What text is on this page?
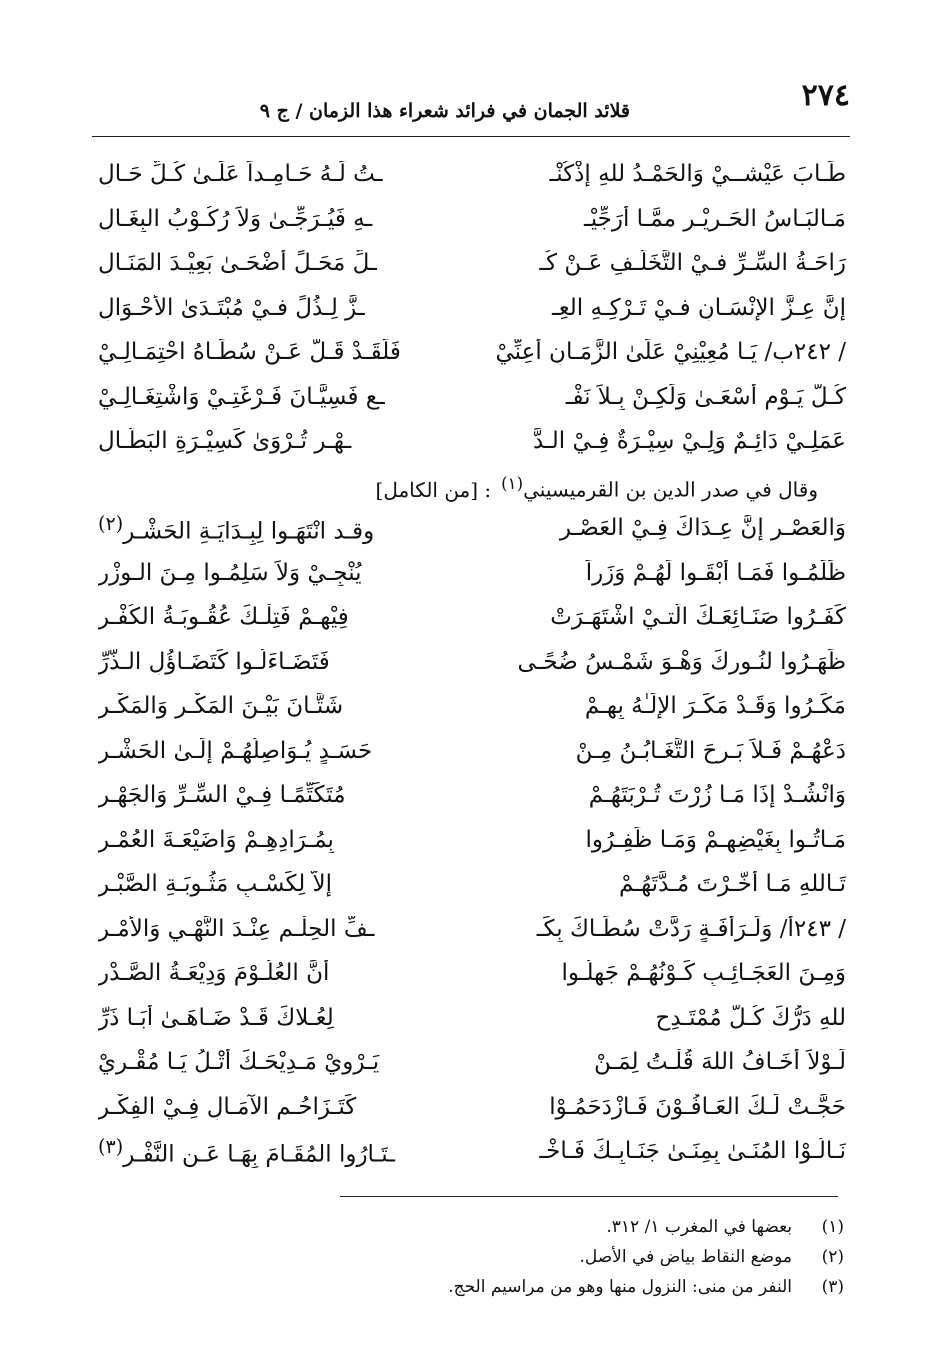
٢٧٤
قلائد الجمان في فرائد شعراء هذا الزمان / ج ٩
طَـابَ عَيْشــيْ وَالحَمْـدُ للهِ إذْكُنْـ
ـتُ لَـهُ حَـامِـداً عَلَـىٰ كُـلِّ حَـالِ
مَـالبَـاسُ الحَـرِيْـرِ ممَّـا أُرَجِّيْـ
ـهِ فَيُـرَجِّـىٰ وَلاَ رُكُـوْبُ البِغَـالِ
رَاحَـةُ السِّـرِّ فـيْ التَّخَلُّـفِ عَـنْ كُـ
ـلِّ مَحَـلٍّ أَضْحَـىٰ بَعِيْـدَ المَنَـالِ
إنَّ عِـزَّ الإنْسَـانِ فـيْ تَـرْكِـهِ العِـ
ـزَّ لِـذُلٍّ فـيْ مُبْتَـدَىٰ الأَحْـوَالِ
/ ٢٤٢ب/ يَـا مُعِيْنِيْ عَلَىٰ الزَّمَـانِ أَعِنِّيْ
فَلَقَـدْ قَـلَّ عَـنْ سُطَـاهُ احْتِمَـالِـيْ
كُـلَّ يَـوْمٍ أَسْعَـىٰ وَلَكِـنْ بِـلاَ نَفْـ
ـعٍ فَسِيَّـانَ فَـرْغَتِـيْ وَاشْتِغَـالِـيْ
عَمَلِـيْ دَائِـمٌ وَلِـيْ سِيْـرَةٌ فِـيْ الـدَّ
ـهْـرِ تُـرْوَىٰ كَسِيْـرَةِ البَطَّـالِ
وقال في صدر الدين بن القرميسيني$^{(١)}$: [من الكامل]
وَالعَصْـرِ إنَّ عِـدَاكَ فِـيْ العَصْـرِ
وقـد انْتَهَـوا لِبِـدَايَـةِ الحَشْـرِ$^{(٢)}$
ظَلَمُـوا فَمَـا أَبْقَـوا لَهُـمْ وَزَراً
يُنْجِـيْ وَلاَ سَلِمُـوا مِـنَ الـوِزْرِ
كَفَـرُوا صَنَـائِعَـكَ الَّتـيْ اشْتَهَـرَتْ
فِيْهِـمْ فَتِلْـكَ عُقُـوبَـةُ الكُفْـرِ
ظَهَـرُوا لنُـورِكَ وَهْـوَ شَمْـسُ ضُحًـى
فَتَضَـاءَلُـوا كَتَضَـاؤُلِ الـذَّرِّ
مَكَـرُوا وَقَـدْ مَكَـرَ الإلَـٰهُ بِهِـمْ
شَتَّـانَ بَيْـنَ المَكْـرِ وَالمَكْـرِ
دَعْهُـمْ فَـلاَ بَـرِحَ التَّغَـابُـنُ مِـنْ
حَسَـدٍ يُـوَاصِلُهُـمْ إلَـىٰ الحَشْـرِ
وَانْشُـدْ إذَا مَـا زُرْتَ تُـرْبَتَهُـمْ
مُتَكَتِّمًـا فِـيْ السِّـرِّ وَالجَهْـرِ
مَـاتُـوا بِغَيْضِهِـمْ وَمَـا ظَفِـرُوا
بِمُـرَادِهِـمْ وَاضَيْعَـةَ العُمْـرِ
تَـاللهِ مَـا أَخَّـرْتَ مُـدَّتَهُـمْ
إلاَّ لِكَسْـبِ مَثُـوبَـةِ الصَّبْـرِ
/ ٢٤٣أ/ وَلَـرَأْفَـةٍ رَدَّتْ سُطَـاكَ بِكَـ
ـفِّ الحِلْـمِ عِنْـدَ النَّهْـيِ وَالأَمْـرِ
وَمِـنَ العَجَـائِـبِ كَـوْنُهُـمْ جَهِلُـوا
أَنَّ العُلُـوْمَ وَدِيْعَـةُ الصَّـدْرِ
للهِ دَرُّكَ كُـلُّ مُمْتَـدِحٍ
لِعُـلاكَ قَـدْ ضَـاهَـىٰ أَبَـا ذَرِّ
لَـوْلاَ أَخَـافُ اللهَ قُلْـتُ لِمَـنْ
يَـرْوِيْ مَـدِيْحَـكَ أَتْـلُ يَـا مُقْـرِيْ
حَجَّـتْ لَـكَ العَـافُـوْنَ فَـازْدَحَمُـوْا
كَتَـزَاحُـمِ الآمَـالِ فِـيْ الفِكْـرِ
نَـالُـوْا المُنَـىٰ بِمِنَـىٰ جَنَـابِـكَ فَـاخْـ
ـتَـارُوا المُقَـامَ بِهَـا عَـنِ النَّفْـرِ$^{(٣)}$
(١)
بعضها في المغرب ١/ ٣١٢.
(٢)
موضع النقاط بياض في الأصل.
(٣)
النفر من منى: النزول منها وهو من مراسيم الحج.
